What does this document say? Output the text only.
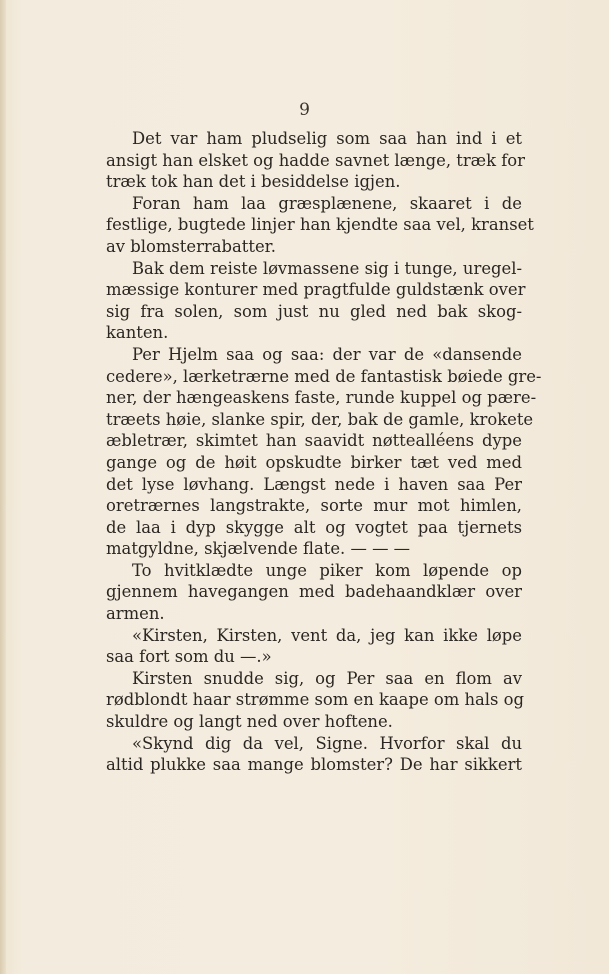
9
Det var ham pludselig som saa han ind i et
ansigt han elsket og hadde savnet længe, træk for
træk tok han det i besiddelse igjen.
Foran ham laa græsplænene, skaaret i de
festlige, bugtede linjer han kjendte saa vel, kranset
av blomsterrabatter.
Bak dem reiste løvmassene sig i tunge, uregel-
mæssige konturer med pragtfulde guldstænk over
sig fra solen, som just nu gled ned bak skog-
kanten.
Per Hjelm saa og saa: der var de «dansende
cedere», lærketrærne med de fantastisk bøiede gre-
ner, der hængeaskens faste, runde kuppel og pære-
træets høie, slanke spir, der, bak de gamle, krokete
æbletrær, skimtet han saavidt nøttealléens dype
gange og de høit opskudte birker tæt ved med
det lyse løvhang. Længst nede i haven saa Per
oretrærnes langstrakte, sorte mur mot himlen,
de laa i dyp skygge alt og vogtet paa tjernets
matgyldne, skjælvende flate. — — —
To hvitklædte unge piker kom løpende op
gjennem havegangen med badehaandklær over
armen.
«Kirsten, Kirsten, vent da, jeg kan ikke løpe
saa fort som du —.»
Kirsten snudde sig, og Per saa en flom av
rødblondt haar strømme som en kaape om hals og
skuldre og langt ned over hoftene.
«Skynd dig da vel, Signe. Hvorfor skal du
altid plukke saa mange blomster? De har sikkert
